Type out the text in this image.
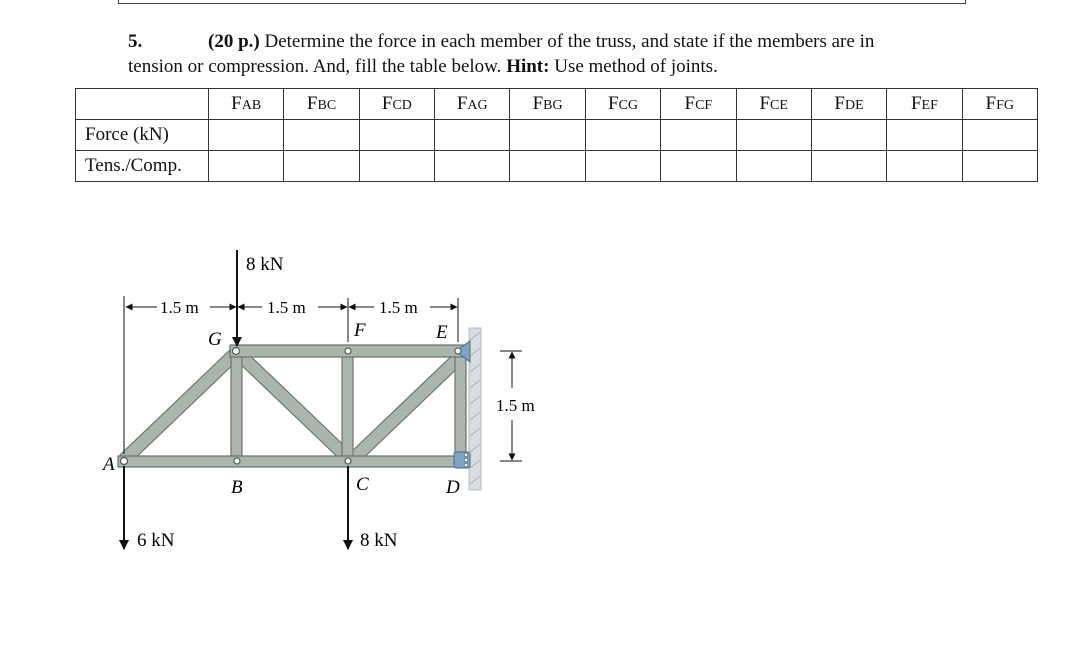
5.	(20 p.) Determine the force in each member of the truss, and state if the members are in
tension or compression. And, fill the table below. Hint: Use method of joints.
	FAB	FBC	FCD	FAG	FBG	FCG	FCF	FCE	FDE	FEF	FFG
Force (kN)											
Tens./Comp.											
8 kN
6 kN	8 kN
1.5 m	1.5 m	1.5 m
1.5 m
A
B	C	D
E
F
G
